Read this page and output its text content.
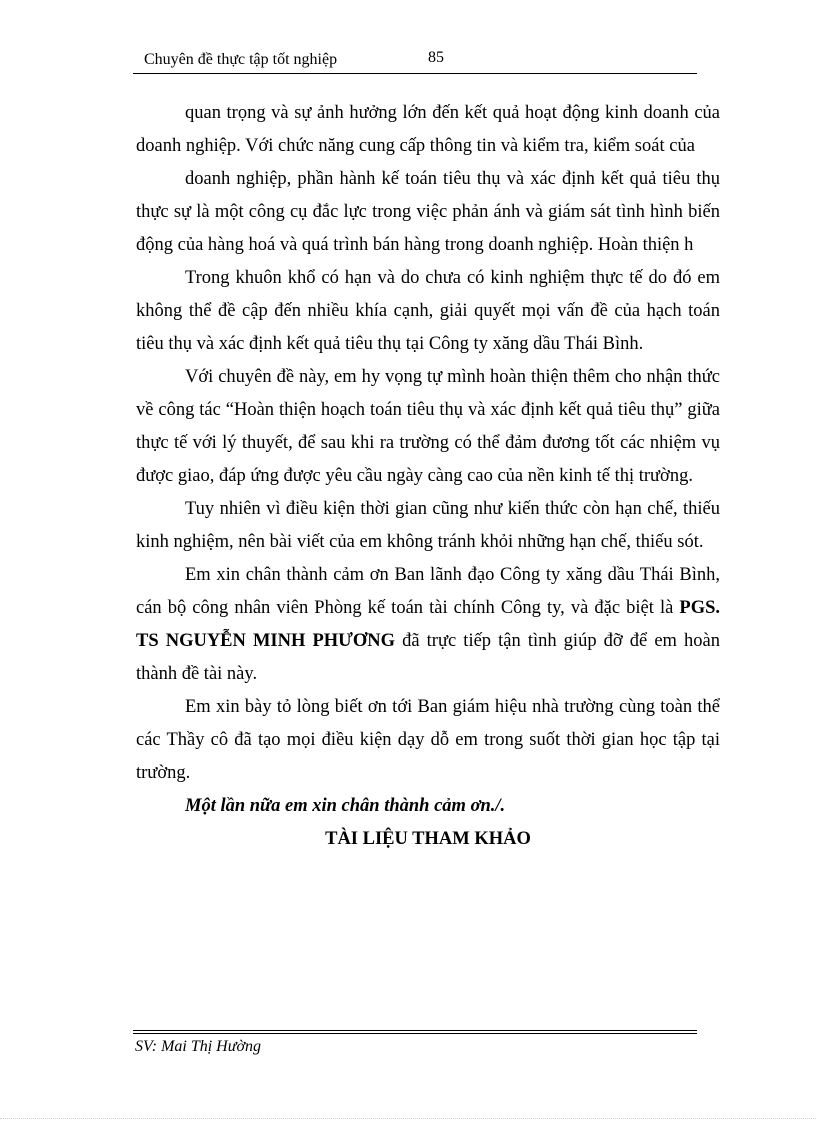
Chuyên đề thực tập tốt nghiệp	85

quan trọng và sự ảnh hưởng lớn đến kết quả hoạt động kinh doanh của doanh nghiệp. Với chức năng cung cấp thông tin và kiểm tra, kiểm soát của

doanh nghiệp, phần hành kế toán tiêu thụ và xác định kết quả tiêu thụ thực sự là một công cụ đắc lực trong việc phản ánh và giám sát tình hình biến động của hàng hoá và quá trình bán hàng trong doanh nghiệp. Hoàn thiện h

Trong khuôn khổ có hạn và do chưa có kinh nghiệm thực tế do đó em không thể đề cập đến nhiều khía cạnh, giải quyết mọi vấn đề của hạch toán tiêu thụ và xác định kết quả tiêu thụ tại Công ty xăng dầu Thái Bình.

Với chuyên đề này, em hy vọng tự mình hoàn thiện thêm cho nhận thức về công tác “Hoàn thiện hoạch toán tiêu thụ và xác định kết quả tiêu thụ” giữa thực tế với lý thuyết, để sau khi ra trường có thể đảm đương tốt các nhiệm vụ được giao, đáp ứng được yêu cầu ngày càng cao của nền kinh tế thị trường.

Tuy nhiên vì điều kiện thời gian cũng như kiến thức còn hạn chế, thiếu kinh nghiệm, nên bài viết của em không tránh khỏi những hạn chế, thiếu sót.

Em xin chân thành cảm ơn Ban lãnh đạo Công ty xăng dầu Thái Bình, cán bộ công nhân viên Phòng kế toán tài chính Công ty, và đặc biệt là PGS. TS NGUYỄN MINH PHƯƠNG đã trực tiếp tận tình giúp đỡ để em hoàn thành đề tài này.

Em xin bày tỏ lòng biết ơn tới Ban giám hiệu nhà trường cùng toàn thể các Thầy cô đã tạo mọi điều kiện dạy dỗ em trong suốt thời gian học tập tại trường.

Một lần nữa em xin chân thành cảm ơn./.

TÀI LIỆU THAM KHẢO

SV: Mai Thị Hường
